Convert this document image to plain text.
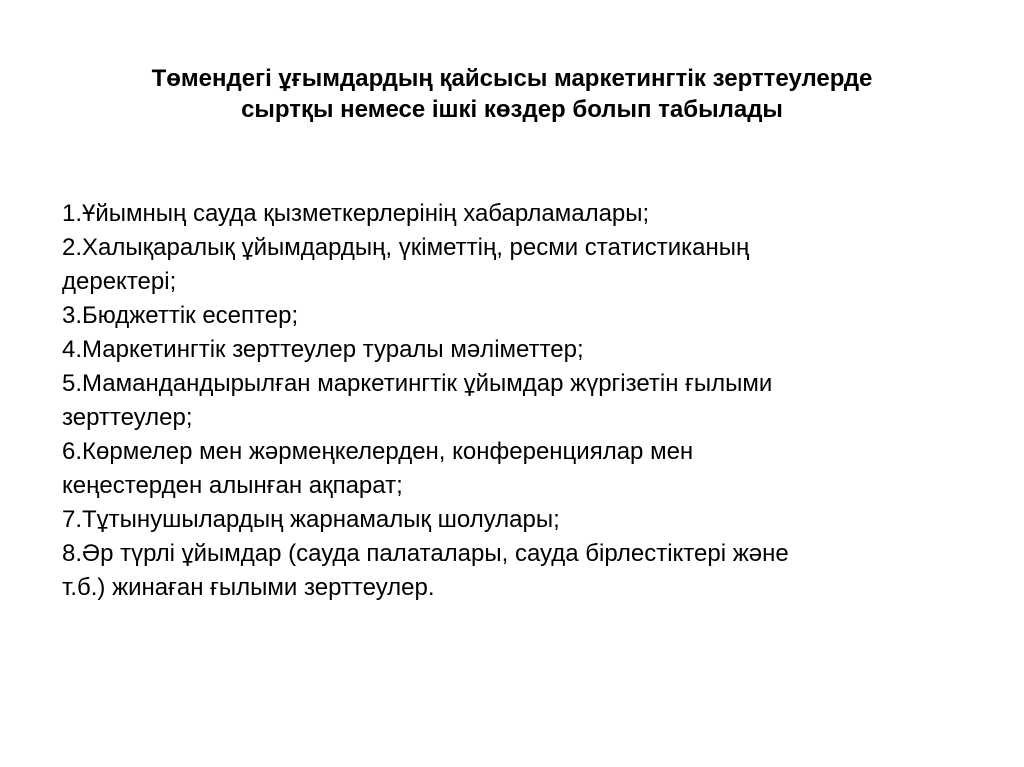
Төмендегі ұғымдардың қайсысы маркетингтік зерттеулерде
сыртқы немесе ішкі көздер болып табылады
1.Ұйымның сауда қызметкерлерінің хабарламалары;
2.Халықаралық ұйымдардың, үкіметтің, ресми статистиканың
деректері;
3.Бюджеттік есептер;
4.Маркетингтік зерттеулер туралы мәліметтер;
5.Мамандандырылған маркетингтік ұйымдар жүргізетін ғылыми
зерттеулер;
6.Көрмелер мен жәрмеңкелерден, конференциялар мен
кеңестерден алынған ақпарат;
7.Тұтынушылардың жарнамалық шолулары;
8.Әр түрлі ұйымдар (сауда палаталары, сауда бірлестіктері және
т.б.) жинаған ғылыми зерттеулер.
